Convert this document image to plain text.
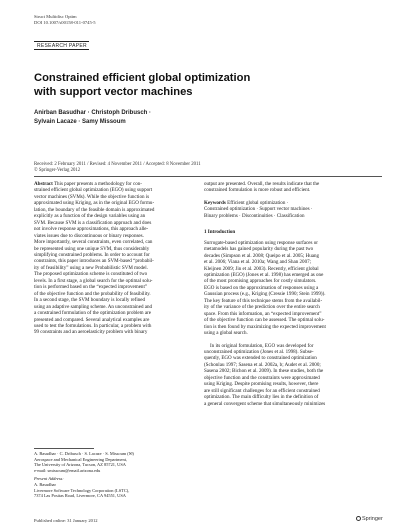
Struct Multidisc Optim
DOI 10.1007/s00158-011-0745-5
RESEARCH PAPER
Constrained efficient global optimization
with support vector machines
Anirban Basudhar · Christoph Dribusch ·
Sylvain Lacaze · Samy Missoum
Received: 2 February 2011 / Revised: 4 November 2011 / Accepted: 8 November 2011
© Springer-Verlag 2012
Abstract This paper presents a methodology for con-
strained efficient global optimization (EGO) using support
vector machines (SVMs). While the objective function is
approximated using Kriging, as in the original EGO formu-
lation, the boundary of the feasible domain is approximated
explicitly as a function of the design variables using an
SVM. Because SVM is a classification approach and does
not involve response approximations, this approach alle-
viates issues due to discontinuous or binary responses.
More importantly, several constraints, even correlated, can
be represented using one unique SVM, thus considerably
simplifying constrained problems. In order to account for
constraints, this paper introduces an SVM-based “probabil-
ity of feasibility” using a new Probabilistic SVM model.
The proposed optimization scheme is constituted of two
levels. In a first stage, a global search for the optimal solu-
tion is performed based on the “expected improvement”
of the objective function and the probability of feasibility.
In a second stage, the SVM boundary is locally refined
using an adaptive sampling scheme. An unconstrained and
a constrained formulation of the optimization problem are
presented and compared. Several analytical examples are
used to test the formulations. In particular, a problem with
99 constraints and an aeroelasticity problem with binary
A. Basudhar · C. Dribusch · S. Lacaze · S. Missoum (✉)
Aerospace and Mechanical Engineering Department,
The University of Arizona, Tucson, AZ 85721, USA
e-mail: smissoum@email.arizona.edu
Present Address:
A. Basudhar
Livermore Software Technology Corporation (LSTC),
7374 Las Positas Road, Livermore, CA 94551, USA
output are presented. Overall, the results indicate that the
constrained formulation is more robust and efficient.
Keywords Efficient global optimization ·
Constrained optimization · Support vector machines ·
Binary problems · Discontinuities · Classification
1 Introduction
Surrogate-based optimization using response surfaces or
metamodels has gained popularity during the past two
decades (Simpson et al. 2008; Queipo et al. 2005; Huang
et al. 2006; Viana et al. 2010a; Wang and Shan 2007;
Kleijnen 2009; Jin et al. 2003). Recently, efficient global
optimization (EGO) (Jones et al. 1998) has emerged as one
of the most promising approaches for costly simulators.
EGO is based on the approximation of responses using a
Gaussian process (e.g., Kriging (Cressie 1990; Stein 1999)).
The key feature of this technique stems from the availabil-
ity of the variance of the prediction over the entire search
space. From this information, an “expected improvement”
of the objective function can be assessed. The optimal solu-
tion is then found by maximizing the expected improvement
using a global search.
In its original formulation, EGO was developed for
unconstrained optimization (Jones et al. 1998). Subse-
quently, EGO was extended to constrained optimization
(Schonlau 1997; Sasena et al. 2002a, b; Audet et al. 2000;
Sasena 2002; Bichon et al. 2009). In these studies, both the
objective function and the constraints were approximated
using Kriging. Despite promising results, however, there
are still significant challenges for an efficient constrained
optimization. The main difficulty lies in the definition of
a general convergent scheme that simultaneously minimizes
Published online: 31 January 2012	Springer
